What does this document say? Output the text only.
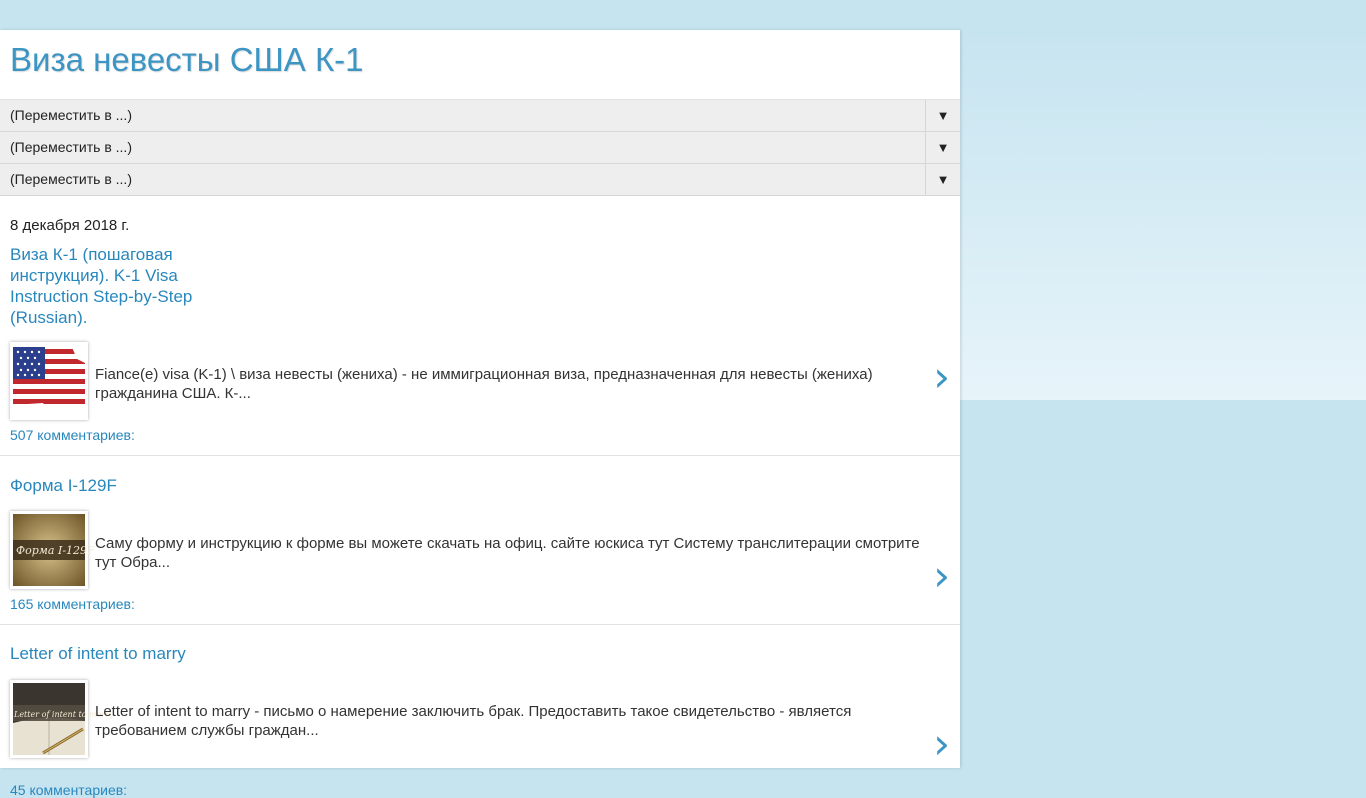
Виза невесты США К-1
(Переместить в ...)	▼
(Переместить в ...)	▼
(Переместить в ...)	▼
8 декабря 2018 г.
Виза К-1 (пошаговая инструкция). K-1 Visa Instruction Step-by-Step (Russian).
Fiance(e) visa (K-1) \ виза невесты (жениха) - не иммиграционная виза, предназначенная для невесты (жениха) гражданина США. К-...	›
507 комментариев:
Форма I-129F
Форма I-129F Саму форму и инструкцию к форме вы можете скачать на офиц. сайте юскиса тут Систему транслитерации смотрите тут Обра...	›
165 комментариев:
Letter of intent to marry
Letter of intent to marry
Letter of intent to marry - письмо о намерение заключить брак. Предоставить такое свидетельство - является требованием службы граждан...	›
45 комментариев:
